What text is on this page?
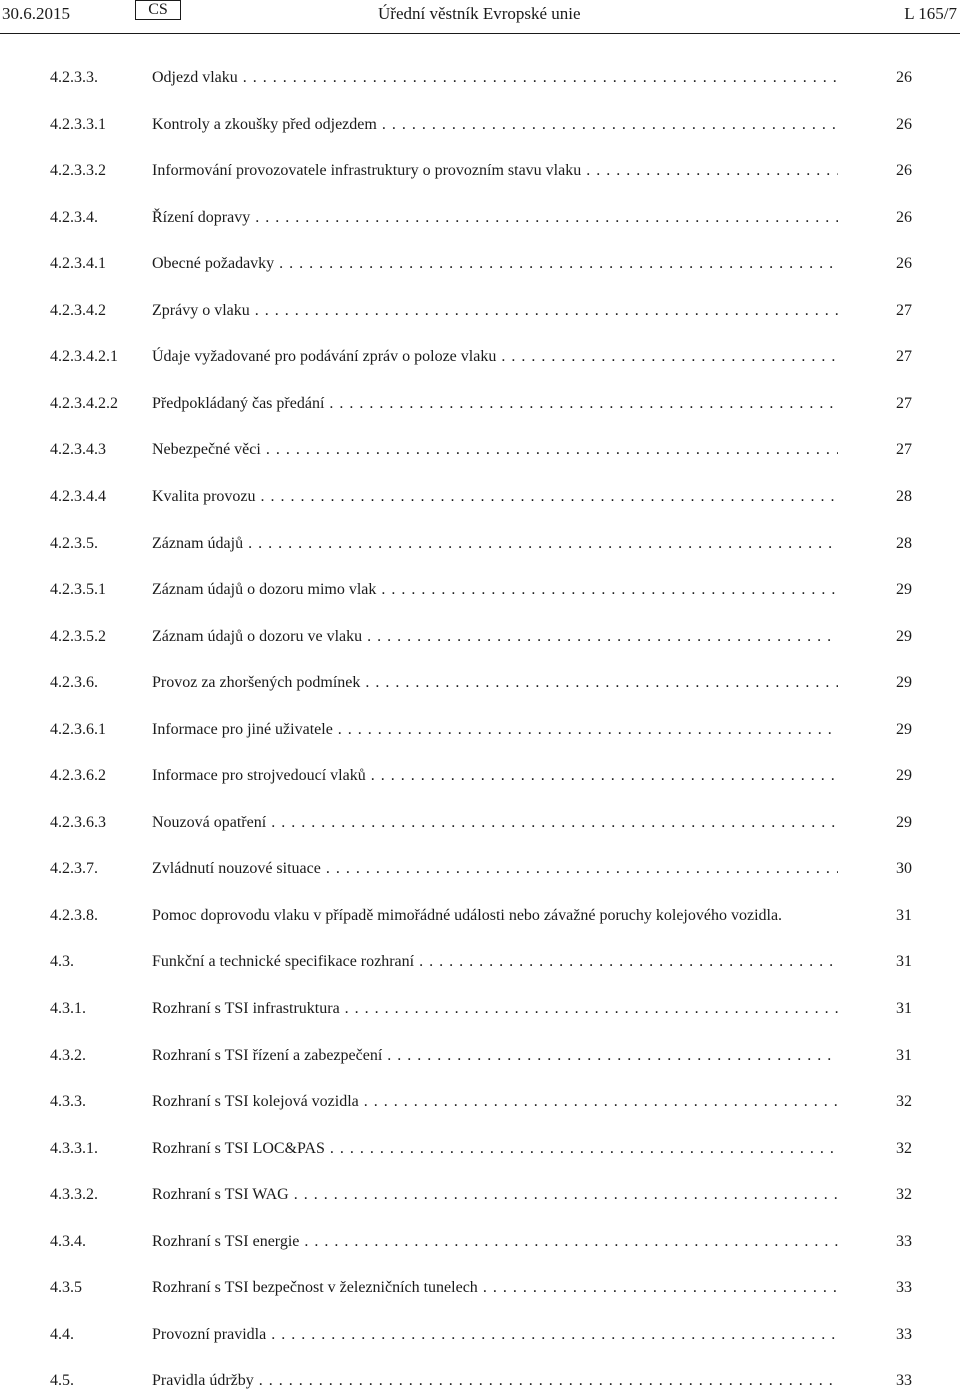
30.6.2015	CS	Úřední věstník Evropské unie	L 165/7
4.2.3.3.	Odjezd vlaku . . .	26
4.2.3.3.1	Kontroly a zkoušky před odjezdem . . .	26
4.2.3.3.2	Informování provozovatele infrastruktury o provozním stavu vlaku . . .	26
4.2.3.4.	Řízení dopravy . . .	26
4.2.3.4.1	Obecné požadavky . . .	26
4.2.3.4.2	Zprávy o vlaku . . .	27
4.2.3.4.2.1 Údaje vyžadované pro podávání zpráv o poloze vlaku . . .	27
4.2.3.4.2.2 Předpokládaný čas předání . . .	27
4.2.3.4.3	Nebezpečné věci . . .	27
4.2.3.4.4	Kvalita provozu . . .	28
4.2.3.5.	Záznam údajů . . .	28
4.2.3.5.1	Záznam údajů o dozoru mimo vlak . . .	29
4.2.3.5.2	Záznam údajů o dozoru ve vlaku . . .	29
4.2.3.6.	Provoz za zhoršených podmínek . . .	29
4.2.3.6.1	Informace pro jiné uživatele . . .	29
4.2.3.6.2	Informace pro strojvedoucí vlaků . . .	29
4.2.3.6.3	Nouzová opatření . . .	29
4.2.3.7.	Zvládnutí nouzové situace . . .	30
4.2.3.8.	Pomoc doprovodu vlaku v případě mimořádné události nebo závažné poruchy kolejového vozidla.	31
4.3.	Funkční a technické specifikace rozhraní . . .	31
4.3.1.	Rozhraní s TSI infrastruktura . . .	31
4.3.2.	Rozhraní s TSI řízení a zabezpečení . . .	31
4.3.3.	Rozhraní s TSI kolejová vozidla . . .	32
4.3.3.1.	Rozhraní s TSI LOC&PAS . . .	32
4.3.3.2.	Rozhraní s TSI WAG . . .	32
4.3.4.	Rozhraní s TSI energie . . .	33
4.3.5	Rozhraní s TSI bezpečnost v železničních tunelech . . .	33
4.4.	Provozní pravidla . . .	33
4.5.	Pravidla údržby . . .	33
